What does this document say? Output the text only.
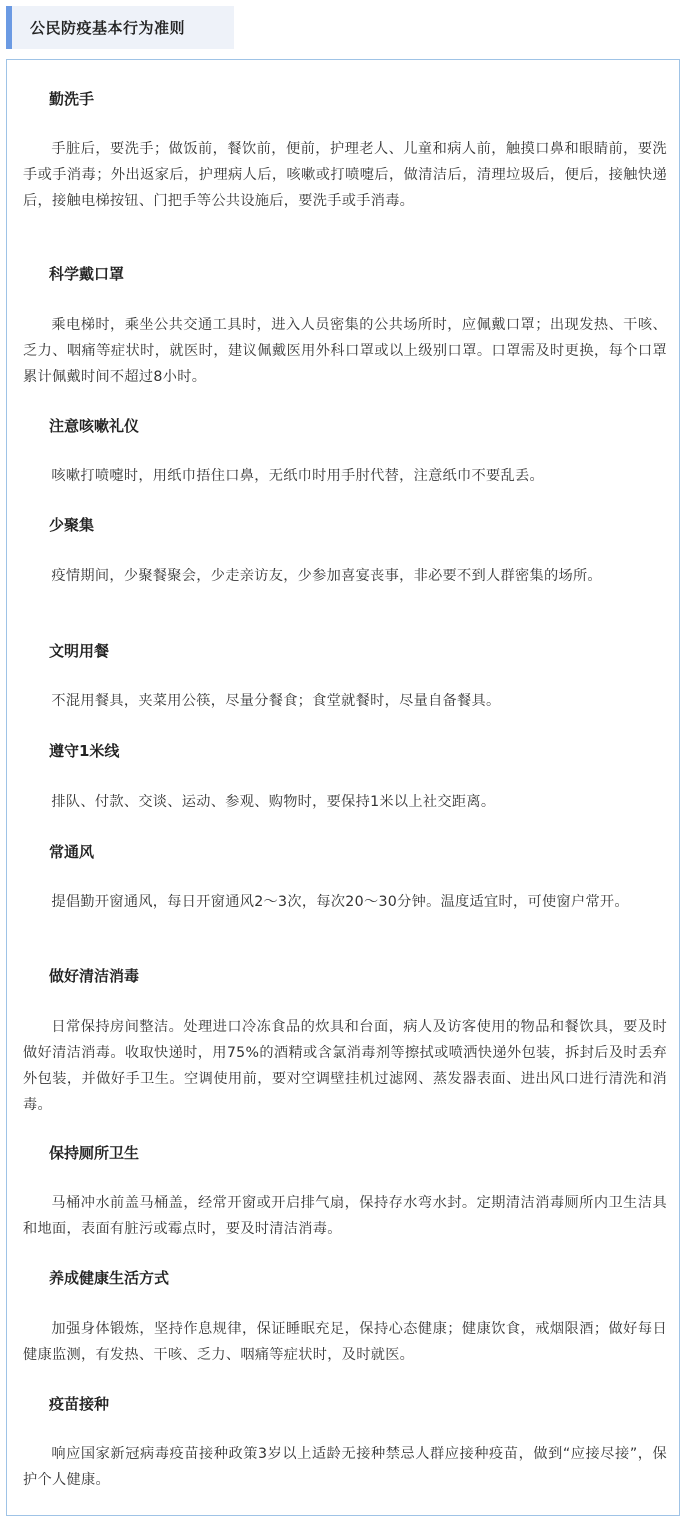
公民防疫基本行为准则
勤洗手
手脏后，要洗手；做饭前，餐饮前，便前，护理老人、儿童和病人前，触摸口鼻和眼睛前，要洗手或手消毒；外出返家后，护理病人后，咳嗽或打喷嚏后，做清洁后，清理垃圾后，便后，接触快递后，接触电梯按钮、门把手等公共设施后，要洗手或手消毒。
科学戴口罩
乘电梯时，乘坐公共交通工具时，进入人员密集的公共场所时，应佩戴口罩；出现发热、干咳、乏力、咽痛等症状时，就医时，建议佩戴医用外科口罩或以上级别口罩。口罩需及时更换，每个口罩累计佩戴时间不超过8小时。
注意咳嗽礼仪
咳嗽打喷嚏时，用纸巾捂住口鼻，无纸巾时用手肘代替，注意纸巾不要乱丢。
少聚集
疫情期间，少聚餐聚会，少走亲访友，少参加喜宴丧事，非必要不到人群密集的场所。
文明用餐
不混用餐具，夹菜用公筷，尽量分餐食；食堂就餐时，尽量自备餐具。
遵守1米线
排队、付款、交谈、运动、参观、购物时，要保持1米以上社交距离。
常通风
提倡勤开窗通风，每日开窗通风2～3次，每次20～30分钟。温度适宜时，可使窗户常开。
做好清洁消毒
日常保持房间整洁。处理进口冷冻食品的炊具和台面，病人及访客使用的物品和餐饮具，要及时做好清洁消毒。收取快递时，用75%的酒精或含氯消毒剂等擦拭或喷洒快递外包装，拆封后及时丢弃外包装，并做好手卫生。空调使用前，要对空调壁挂机过滤网、蒸发器表面、进出风口进行清洗和消毒。
保持厕所卫生
马桶冲水前盖马桶盖，经常开窗或开启排气扇，保持存水弯水封。定期清洁消毒厕所内卫生洁具和地面，表面有脏污或霉点时，要及时清洁消毒。
养成健康生活方式
加强身体锻炼，坚持作息规律，保证睡眠充足，保持心态健康；健康饮食，戒烟限酒；做好每日健康监测，有发热、干咳、乏力、咽痛等症状时，及时就医。
疫苗接种
响应国家新冠病毒疫苗接种政策3岁以上适龄无接种禁忌人群应接种疫苗，做到“应接尽接”，保护个人健康。
